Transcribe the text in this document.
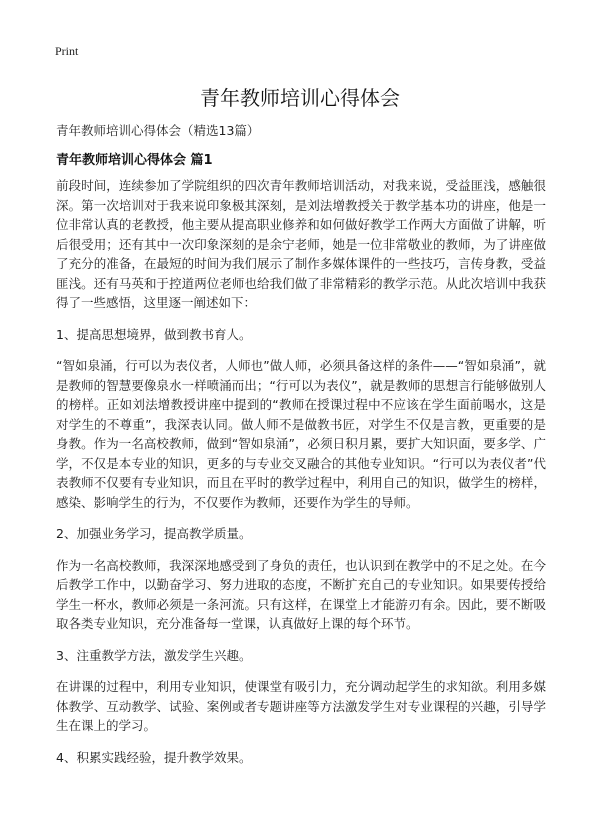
Print
青年教师培训心得体会
青年教师培训心得体会（精选13篇）
青年教师培训心得体会 篇1

前段时间，连续参加了学院组织的四次青年教师培训活动，对我来说，受益匪浅，感触很深。第一次培训对于我来说印象极其深刻，是刘法增教授关于教学基本功的讲座，他是一位非常认真的老教授，他主要从提高职业修养和如何做好教学工作两大方面做了讲解，听后很受用；还有其中一次印象深刻的是余宁老师，她是一位非常敬业的教师，为了讲座做了充分的准备，在最短的时间为我们展示了制作多媒体课件的一些技巧，言传身教，受益匪浅。还有马英和于控道两位老师也给我们做了非常精彩的教学示范。从此次培训中我获得了一些感悟，这里逐一阐述如下：

1、提高思想境界，做到教书育人。

“智如泉涌，行可以为表仪者，人师也”做人师，必须具备这样的条件——“智如泉涌”，就是教师的智慧要像泉水一样喷涌而出；“行可以为表仪”，就是教师的思想言行能够做别人的榜样。正如刘法增教授讲座中提到的“教师在授课过程中不应该在学生面前喝水，这是对学生的不尊重”，我深表认同。做人师不是做教书匠，对学生不仅是言教，更重要的是身教。作为一名高校教师，做到“智如泉涌”，必须日积月累，要扩大知识面，要多学、广学，不仅是本专业的知识，更多的与专业交叉融合的其他专业知识。“行可以为表仪者”代表教师不仅要有专业知识，而且在平时的教学过程中，利用自己的知识，做学生的榜样，感染、影响学生的行为，不仅要作为教师，还要作为学生的导师。

2、加强业务学习，提高教学质量。

作为一名高校教师，我深深地感受到了身负的责任，也认识到在教学中的不足之处。在今后教学工作中，以勤奋学习、努力进取的态度，不断扩充自己的专业知识。如果要传授给学生一杯水，教师必须是一条河流。只有这样，在课堂上才能游刃有余。因此，要不断吸取各类专业知识，充分准备每一堂课，认真做好上课的每个环节。

3、注重教学方法，激发学生兴趣。

在讲课的过程中，利用专业知识，使课堂有吸引力，充分调动起学生的求知欲。利用多媒体教学、互动教学、试验、案例或者专题讲座等方法激发学生对专业课程的兴趣，引导学生在课上的学习。

4、积累实践经验，提升教学效果。
